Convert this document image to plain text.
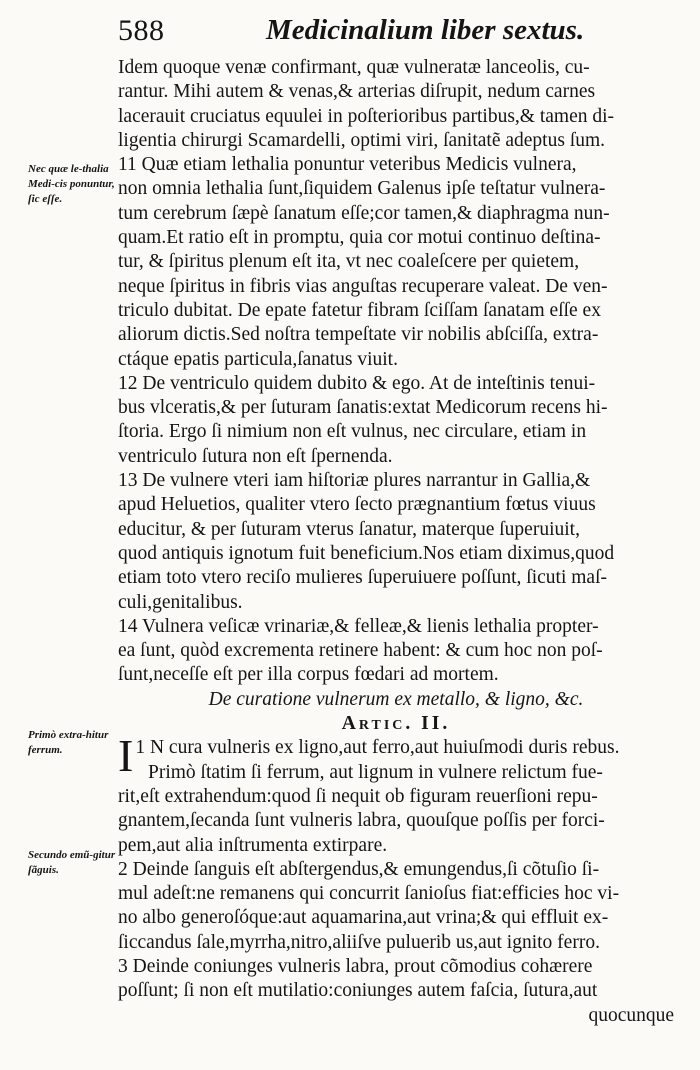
588	Medicinalium liber sextus.
Nec quæ le-thalia Medi-cis ponuntur, ſic eſſe.
Primò extra-hitur ferrum.
Secundo emũ-gitur ſãguis.
Idem quoque venæ confirmant, quæ vulneratæ lanceolis, cu-
rantur. Mihi autem & venas,& arterias diſrupit, nedum carnes
lacerauit cruciatus equulei in poſterioribus partibus,& tamen di-
ligentia chirurgi Scamardelli, optimi viri, ſanitatẽ adeptus ſum.
11 Quæ etiam lethalia ponuntur veteribus Medicis vulnera,
non omnia lethalia ſunt,ſiquidem Galenus ipſe teſtatur vulnera-
tum cerebrum ſæpè ſanatum eſſe;cor tamen,& diaphragma nun-
quam.Et ratio eſt in promptu, quia cor motui continuo deſtina-
tur, & ſpiritus plenum eſt ita, vt nec coaleſcere per quietem,
neque ſpiritus in fibris vias anguſtas recuperare valeat. De ven-
triculo dubitat. De epate fatetur fibram ſciſſam ſanatam eſſe ex
aliorum dictis.Sed noſtra tempeſtate vir nobilis abſciſſa, extra-
ctáque epatis particula,ſanatus viuit.
12 De ventriculo quidem dubito & ego. At de inteſtinis tenui-
bus vlceratis,& per ſuturam ſanatis:extat Medicorum recens hi-
ſtoria. Ergo ſi nimium non eſt vulnus, nec circulare, etiam in
ventriculo ſutura non eſt ſpernenda.
13 De vulnere vteri iam hiſtoriæ plures narrantur in Gallia,&
apud Heluetios, qualiter vtero ſecto prægnantium fœtus viuus
educitur, & per ſuturam vterus ſanatur, materque ſuperuiuit,
quod antiquis ignotum fuit beneficium.Nos etiam diximus,quod
etiam toto vtero reciſo mulieres ſuperuiuere poſſunt, ſicuti maſ-
culi,genitalibus.
14 Vulnera veſicæ vrinariæ,& felleæ,& lienis lethalia propter-
ea ſunt, quòd excrementa retinere habent: & cum hoc non poſ-
ſunt,neceſſe eſt per illa corpus fœdari ad mortem.
De curatione vulnerum ex metallo, & ligno, &c.
Artic. II.
1
I N cura vulneris ex ligno,aut ferro,aut huiuſmodi duris rebus.
Primò ſtatim ſi ferrum, aut lignum in vulnere relictum fue-
rit,eſt extrahendum:quod ſi nequit ob figuram reuerſioni repu-
gnantem,ſecanda ſunt vulneris labra, quouſque poſſis per forci-
pem,aut alia inſtrumenta extirpare.
2 Deinde ſanguis eſt abſtergendus,& emungendus,ſi cõtuſio ſi-
mul adeſt:ne remanens qui concurrit ſanioſus fiat:efficies hoc vi-
no albo generoſóque:aut aquamarina,aut vrina;& qui effluit ex-
ſiccandus ſale,myrrha,nitro,aliiſve puluerib us,aut ignito ferro.
3 Deinde coniunges vulneris labra, prout cõmodius cohærere
poſſunt; ſi non eſt mutilatio:coniunges autem faſcia, ſutura,aut
quocunque
